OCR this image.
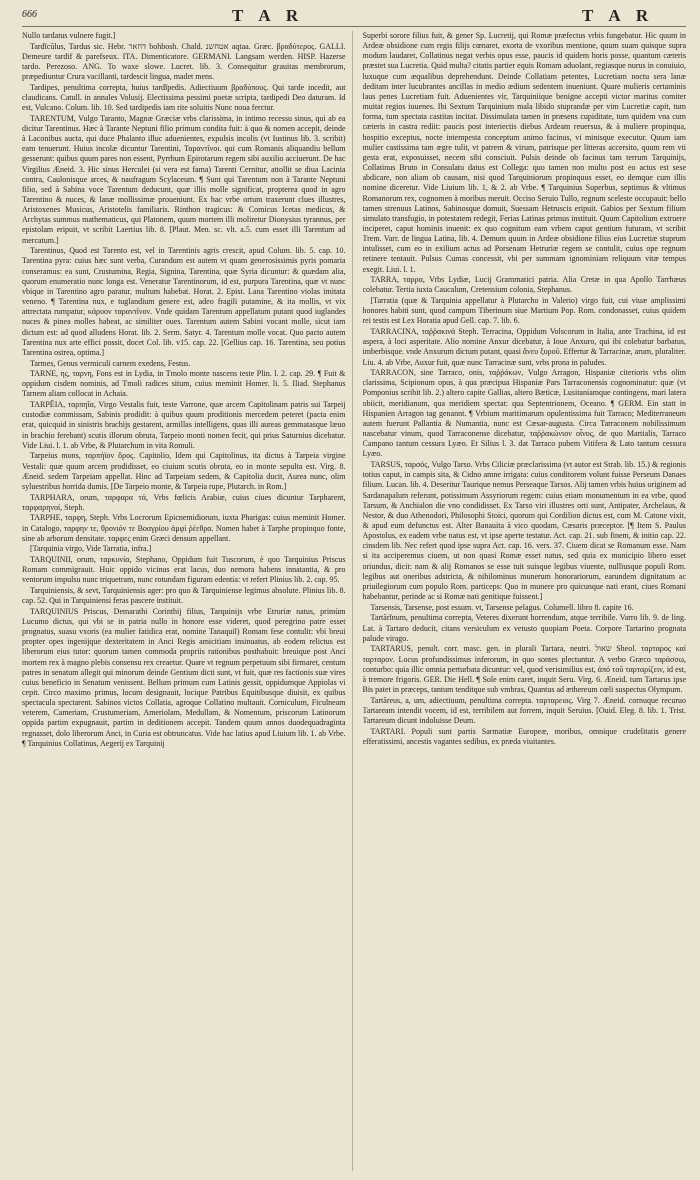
666	T A R	T A R

Nullo tardatus vulnere fugit.]

Tardĭcŭlus, Tardus sic. Hebr. דחאר bohbosh. Chald. אטחשנ aqtaa. Græc. βραδύτερος. GALLI. Demeure tardif & parefseux. ITA. Dimenticatore. GERMANI. Langsam werden. HISP. Hazerse tardo. Perezoso. ANG. To waxe slowe. Lucret. lib. 3. Consequitur grauitas membrorum, præpediuntur Crura vacillanti, tardescit lingua, madet mens.

Tardipes, penultima correpta, huius tardĭpedis. Adiectiuum βραδύπους. Qui tarde incedit, aut claudicans. Catull. in annales Volusij. Electissima pessimi poetæ scripta, tardipedi Deo daturam. Id est, Vulcano. Colum. lib. 10. Sed tardipedis iam rite soluitis Nunc noua ferctur.

TARENTUM, Vulgo Taranto, Magnæ Græciæ vrbs clarissima, in intimo recessu sinus, qui ab ea dicitur Tarentinus. Hæc à Tarante Neptuni filio primum condita fuit: à quo & nomen accepit, deinde à Laconibus aucta, qui duce Phalanto illuc aduenientes, expulsis incolis (vt Iustinus lib. 3. scribit) eam tenuerunt. Huius incolæ dicuntur Tarentini, Ταραντῖνοι. qui cum Romanis aliquandiu bellum gesserunt: quibus quum pares non essent, Pyrrhum Epirotarum regem sibi auxilio acciuerunt. De hac Virgilius Æneid. 3. Hic sinus Herculei (si vera est fama) Tarenti Cernitur, attollit se diua Lacinia contra, Caulonisque arces, & naufragum Scylaceum. ¶ Sunt qui Tarentum non à Tarante Neptuni filio, sed à Sabina voce Tarentum deducunt, quæ illis molle significat, propterea quod in agro Tarentino & nuces, & lanæ mollissimæ proueniunt. Ex hac vrbe ortum traxerunt clues illustres, Aristoxenes Musicus, Aristotelis familiaris. Rinthon tragicus: & Comicus Icetas medicus, & Archytas summus mathematicus, qui Platonem, quum mortem illi moliretur Dionysius tyrannus, per epistolam eripuit, vt scribit Laertius lib. 8. [Plaut. Men. sc. vlt. a.5. cum esset illi Tarentum ad mercatum.]

Tarentinus, Quod est Tarento est, vel in Tarentinis agris crescit, apud Colum. lib. 5. cap. 10. Tarentina pyra: cuius hæc sunt verba, Curandum est autem vt quam generosissimis pyris pomaria conseramus: ea sunt, Crustumina, Regia, Signina, Tarentina, quæ Syria dicuntur: & quædam alia, quorum enumeratio nunc longa est. Veneratur Tarentinorum, id est, purpura Tarentina, quæ vt nunc vbique in Tarentino agro paratur, multum habebat. Horat. 2. Epist. Lana Tarentino violas imitata veneno. ¶ Tarentina nux, e tuglandium genere est, adeo fragili putamine, & ita mollis, vt vix attrectata rumpatur, κάρυον ταραντῖνον. Vnde quidam Tarentum appellatum putant quod iuglandes nuces & pinea molles habeat, ac similiter oues. Tarentum autem Sabini vocant molle, sicut iam dictum est: ad quod alludens Horat. lib. 2. Serm. Satyr. 4. Tarentum molle vocat. Quo pacto autem Tarentina nux arte effici possit, docet Col. lib. v15. cap. 22. [Gellius cap. 16. Tarentina, seu potius Tarentina ostrea, optima.]

Tarmes, Genus vermiculi carnem exedens, Festus.

TARNE, ης, ταρνη, Fons est in Lydia, in Tmolo monte nascens teste Plin. l. 2. cap. 29. ¶ Fuit & oppidum cisdem nominis, ad Tmoli radices situm, cuius meminit Homer. li. 5. Iliad. Stephanus Tarnem aliam collocat in Achaia.

TARPĒIA, ταρπηΐα, Virgo Vestalis fuit, teste Varrone, quæ arcem Capitolinam patris sui Tarpeij custodiæ commissam, Sabinis prodidit: à quibus quum proditionis mercedem peteret (pacta enim erat, quicquid in sinistris brachijs gestarent, armillas intelligens, quas illi aureas gemmatasque læuo in brachio ferebant) scutis illorum obruta, Tarpeio monti nomen fecit, qui prius Saturnius dicebatur. Vide Liui. l. 1. ab Vrbe, & Plutarchum in vita Romuli.

Tarpeius mons, ταρπήϊον ὄρος. Capitolio, Idem qui Capitolinus, ita dictus à Tarpeia virgine Vestali: quæ quum arcem prodidisset, eo ciuium scutis obruta, eo in monte sepulta est. Virg. 8. Æneid. sedem Tarpeiam appellat. Hinc ad Tarpeiam sedem, & Capitolia ducit, Aurea nunc, olim syluestribus horrida dumis. [De Tarpeio monte, & Tarpeia rupe, Plutarch. in Rom.]

TARPHARA, orum, ταρφαρα τά, Vrbs fœlicis Arabiæ, cuius ciues dicuntur Tarpharent, ταρφαρηνοί, Steph.

TARPHE, ταρφη, Steph. Vrbs Locrorum Epicnemidiorum, iuxta Pharigas: cuius meminit Homer. in Catalogo, ταρφην τε, θρονιόν τε Βοαγρίου ἀμφὶ ῥέεθρα. Nomen habet à Tarphe propinquo fonte, sine ab arborum densitate. ταρφες enim Græci densum appellant.

[Tarquinia virgo, Vide Tarratia, infra.]

TARQUINII, orum, ταρκυνία, Stephano, Oppidum fuit Tuscorum, è quo Tarquinius Priscus Romam commigrauit. Huic oppido vicinus erat lacus, duo nemora habens innatantia, & pro ventorum impulsu nunc triquetram, nunc rotundam figuram edentia: vt refert Plinius lib. 2. cap. 95.

Tarquiniensis, & sevt, Tarquiniensis ager: pro quo & Tarquiniense legimus absolute. Plinius lib. 8. cap. 52. Qui in Tarquiniensi feras pascere instituit.

TARQUINIUS Priscus, Demarathi Corinthij filius, Tarquinijs vrbe Etruriæ natus, primùm Lucumo dictus, qui vbi se in patria nullo in honore esse videret, quod peregrino patre esset prognatus, suasu vxoris (ea mulier fatidica erat, nomine Tanaquil) Romam fese contulit: vbi breui propter opes ingenijque dexteritatem in Anci Regis amicitiam insinuatus, ab eodem relictus est liberorum eius tutor: quorum tamen commoda propriis rationibus posthabuit: breuique post Anci mortem rex à magno plebis consensu rex creaetur. Quare vt regnum perpetuum sibi firmaret, centum patres in senatum allegit qui minorum deinde Gentium dicti sunt, vt fuit, quæ res factionis suæ vires cuius beneficio in Senatum venissent. Bellum primum cum Latinis gessit, oppidumque Appiolas vi cepit. Circo maximo primus, locum designauit, locique Patribus Equitibusque diuisit, ex quibus spectacula spectarent. Sabinos victos Collatia, agroque Collatino multauit. Corniculum, Ficulneam veterem, Cameriam, Crustumeriam, Ameriolam, Medullam, & Nomentum, priscorum Latinorum oppida partim expugnauit, partim in deditionem accepit. Tandem quum annos duodequadraginta regnasset, dolo liberorum Anci, in Curia est obtruncatus. Vide hac latius apud Liuium lib. 1. ab Vrbe. ¶ Tarquinius Collatinus, Aegerij ex Tarquinij

Superbi sorore filius fuit, & gener Sp. Lucretij, qui Romæ præfectus vrbis fungebatur. Hic quum in Ardeæ obsidione cum regis filijs cœnaret, exorta de vxoribus mentione, quum suam quisque supra modum laudaret, Collatinus negat verbis opus esse, paucis id quidem horis posse, quantum cæteris præstet sua Lucretia. Quid multa? citatis partier equis Romam aduolant, regiasque nurus in conuiuio, luxuque cum æqualibus deprehendunt. Deinde Collatiam petentes, Lucretiam noctu sera lanæ deditam inter lucubrantes ancillas in medio ædium sedentem inueniunt. Quare mulieris certaminis laus penes Lucretiam fuit. Aduenientes vir, Tarquiniique benigne accepti victor maritus comiter muitat regios iuuenes. Ibi Sextum Tarquinium mala libido stuprandæ per vim Lucretiæ capit, tum forma, tum spectata castitas incitat. Dissimulata tamen in præsens cupiditate, tum quidem vna cum cæteris in castra rediit: paucis post interiectis diebus Ardeam reuersus, & à muliere propinqua, hospitio exceptus, nocte intempesta conceptum animo facinus, vi minisque executur. Quum iam mulier castissima tam ægre tulit, vt patrem & virum, patrisque per litteras accersito, quum rem vti gesta erat, exposuisset, necem sibi consciuit. Pulsis deinde ob facinus tam terrum Tarquinijs, Collatinus Bruto in Consulatu datus est Collega: quo tamen non multo post eo actus est sese abdicare, non aliam ob causam, nisi quod Tarquiniorum propinquus esset, eo demque cum illis nomine diceretur. Vide Liuium lib. 1, & 2. ab Vrbe. ¶ Tarquinius Superbus, septimus & vltimus Romanorum rex, cognomen à moribus meruit. Occiso Seruio Tullo, regnum sceleste occupauit: bello tamen strenuus Latinos, Sabinosque domuit, Suessam Hetruscis eripuit. Gabios per Sextum filium simulato transfugio, in potestatem redegit, Ferias Latinas primus instituit. Quum Capitolium extruere inciperet, caput hominis inuenit: ex quo cognitum eam vrbem caput gentium futuram, vt scribit Trem. Varr. de lingua Latina, lib. 4. Demum quum in Ardeæ obsidione filius eius Lucretiæ stuprum intulisset, cum eo in exilium actus ad Porsenam Hetruriæ regem se contulit, cuius ope regnum retinere tentauit. Pulsus Cumas concessit, vbi per summam ignominiam reliquum vitæ tempus exegit. Liui. l. 1.

TARRA, ταρρα, Vrbs Lydiæ, Lucij Grammatici patria. Alia Cretæ in qua Apollo Tarrhæus colebatur. Tertia iuxta Caucalum, Cretensium colonia, Stephanus.

[Tarratia (quæ & Tarquinia appellatur à Plutarcho in Valerio) virgo fuit, cui viuæ amplissimi honores habiti sunt, quod campum Tiberinum siue Martium Pop. Rom. condonasset, cuius quidem rei testis est Lex Horatia apud Gell. cap. 7. lib. 6.

TARRACINA, ταῤῥακινά Steph. Terracina, Oppidum Volscorum in Italia, ante Trachina, id est aspera, à loci asperitate. Alio nomine Anxur dicebatur, à Ioue Anxuro, qui ibi colebatur barbatus, imberbisque. vnde Anxurum dictum putant, quasi ἄνευ ξυροῦ. Effertur & Tarracinæ, arum, pluraliter. Liu. 4. ab Vrbe, Auxur fuit, quæ nunc Tarracinæ sunt, vrbs prona in paludes.

TARRACON, sine Tarraco, onis, ταῤῥάκων, Vulgo Arragon, Hispaniæ citerioris vrbs olim clarissima, Scipionum opus, à qua præcipua Hispaniæ Pars Tarraconensis cognominatur: quæ (vt Pomponius scribit lib. 2.) altero capite Gallias, altero Bæticæ, Lusitaniamque contingens, mari latera obiicit, meridianum, qua meridiem spectat: qua Septentrionem, Oceano. ¶ GERM. Ein statt in Hispanien Arragon tag genannt. ¶ Vrbium maritimarum opulentissima fuit Tarraco; Mediterraneum autem fuerunt Pallantia & Numantia, nunc est Cæsar-augusta. Circa Tarraconem nobilissimum nascebatur vinum, quod Tarraconense dicebatur, ταῤῥακώνιον οἶνος, de quo Martialis, Tarraco Campano tantum cessura Lyæo. Et Silius l. 3. dat Tarraco pubem Vitifera & Lato tantum cessura Lyæo.

TARSUS, ταρσός, Vulgo Tarso. Vrbs Ciliciæ præclarissima (vt autor est Strab. lib. 15.) & regionis totius caput, in campis sita, & Cidno amne irrigata: cuius conditorem volunt fuisse Perseum Danaes filium. Lucan. lib. 4. Deseritur Taurique nemus Perseaque Tarsos. Alij tamen vrbis huius originem ad Sardanapalum referunt, potissimum Assyriorum regem: cuius etiam monumentum in ea vrbe, quod Tarsum, & Anchialon die vno condidisset. Ex Tarso viri illustres orti sunt, Antipater, Archelaus, & Nestor, & duo Athenodori, Philosophi Stoici, quorum qui Cordilion dictus est, cum M. Catone vixit, & apud eum defunctus est. Alter Banauita à vico quodam, Cæsaris præceptor. [¶ Item S. Paulus Apostolus, ex eadem vrbe natus est, vt ipse aperte testatur. Act. cap. 21. sub finem, & initio cap. 22. cinsdem lib. Nec refert quod ipse supra Act. cap. 16. vers. 37. Ciuem dicat se Romanum esse. Nam si ita acciperemus ciuem, ut non quasi Romæ esset natus, sed quia ex municipio libero esset oriundus, dicit: nam & alij Romanos se esse tuit suisque legibus viuente, nulliusque populi Rom. legibus aut oneribus adstricta, & nihilominus munerum honorariorum, earundem dignitatum ac priuilegiorum cum populo Rom. particeps: Quo in munere pro quicunque nati erant, ciues Romani habebantur, perinde ac si Romæ nati genitique fuissent.]

Tarsensis, Tarsense, post essum. vt, Tarsense pelagus. Columell. libro 8. capite 16.

Tartărĭnum, penultima correpta, Veteres dixerunt horrendum, atque terribile. Varro lib. 9. de ling. Lat. à Tartaro deducit, citans versiculum ex vetusto quopiam Poeta. Corpore Tartarino prognata palude virago.

TARTARUS, penult. corr. masc. gen. in plurali Tartara, neutri. שאול Sheol. ταρταρος καί ταρταρον. Locus profundissimus inferorum, in quo sontes plectuntur. A verbo Græco ταράσσω, conturbo: quia illic omnia perturbata dicuntur: vel, quod verisimilius est, ἀπό τοῦ ταρταρίζειν, id est, à tremore frigoris. GER. Die Hell. ¶ Sole enim caret, inquit Seru. Virg. 6. Æneid. tum Tartarus ipse Bis patet in præceps, tantum tenditque sub vmbras, Quantus ad æthereum cœli suspectus Olympum.

Tartăreus, a, um, adiectiuum, penultima correpta. ταρταρειος. Virg 7. Æneid. cornuque recuruo Tartaream intendit vocem, id est, terribilem aut forrem, inquit Seruius. [Ouid. Eleg. 8. lib. 1. Trist. Tartareum dicunt indoluisse Deum.

TARTARI. Populi sunt partis Sarmatiæ Europeæ, moribus, omnique crudelitatis genere efferatissimi, ancestis vagantes sedibus, ex præda viuitantes.
